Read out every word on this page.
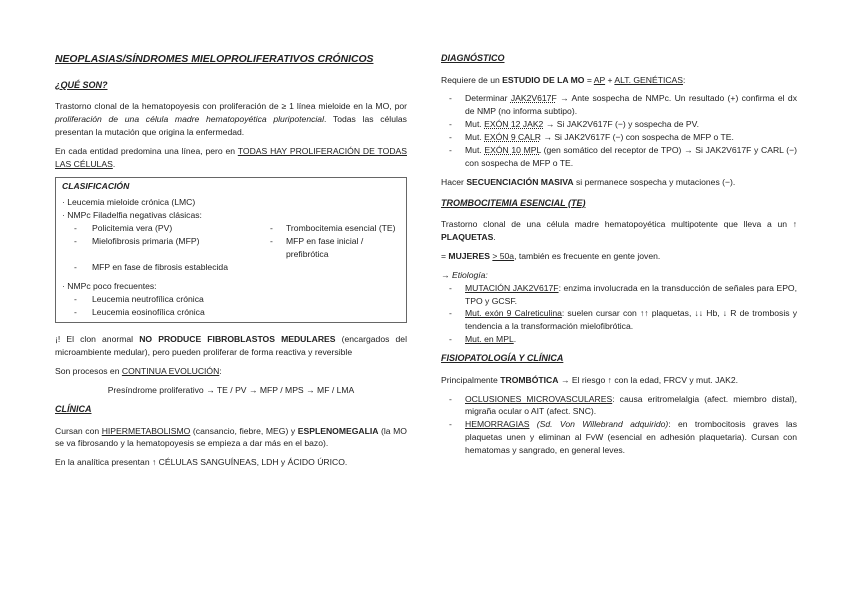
NEOPLASIAS/SÍNDROMES MIELOPROLIFERATIVOS CRÓNICOS

¿QUÉ SON?

Trastorno clonal de la hematopoyesis con proliferación de ≥ 1 línea mieloide en la MO, por proliferación de una célula madre hematopoyética pluripotencial. Todas las células presentan la mutación que origina la enfermedad.

En cada entidad predomina una línea, pero en TODAS HAY PROLIFERACIÓN DE TODAS LAS CÉLULAS.

CLASIFICACIÓN

· Leucemia mieloide crónica (LMC)

· NMPc Filadelfia negativas clásicas:

- Policitemia vera (PV)	- Trombocitemia esencial (TE)
- Mielofibrosis primaria (MFP)	- MFP en fase inicial / prefibrótica

- MFP en fase de fibrosis establecida

· NMPc poco frecuentes:

- Leucemia neutrofílica crónica

- Leucemia eosinofílica crónica

¡! El clon anormal NO PRODUCE FIBROBLASTOS MEDULARES (encargados del microambiente medular), pero pueden proliferar de forma reactiva y reversible

Son procesos en CONTINUA EVOLUCIÓN:

Presíndrome proliferativo → TE / PV → MFP / MPS → MF / LMA

CLÍNICA

Cursan con HIPERMETABOLISMO (cansancio, fiebre, MEG) y ESPLENOMEGALIA (la MO se va fibrosando y la hematopoyesis se empieza a dar más en el bazo).

En la analítica presentan ↑ CÉLULAS SANGUÍNEAS, LDH y ÁCIDO ÚRICO.

DIAGNÓSTICO

Requiere de un ESTUDIO DE LA MO = AP + ALT. GENÉTICAS:

- Determinar JAK2V617F → Ante sospecha de NMPc. Un resultado (+) confirma el dx de NMP (no informa subtipo).

- Mut. EXÓN 12 JAK2 → Si JAK2V617F (−) y sospecha de PV.

- Mut. EXÓN 9 CALR → Si JAK2V617F (−) con sospecha de MFP o TE.

- Mut. EXÓN 10 MPL (gen somático del receptor de TPO) → Si JAK2V617F y CARL (−) con sospecha de MFP o TE.

Hacer SECUENCIACIÓN MASIVA si permanece sospecha y mutaciones (−).

TROMBOCITEMIA ESENCIAL (TE)

Trastorno clonal de una célula madre hematopoyética multipotente que lleva a un ↑ PLAQUETAS.

= MUJERES > 50a, también es frecuente en gente joven.

→ Etiología:

- MUTACIÓN JAK2V617F: enzima involucrada en la transducción de señales para EPO, TPO y GCSF.

- Mut. exón 9 Calreticulina: suelen cursar con ↑↑ plaquetas, ↓↓ Hb, ↓ R de trombosis y tendencia a la transformación mielofibrótica.

- Mut. en MPL.

FISIOPATOLOGÍA Y CLÍNICA

Principalmente TROMBÓTICA → El riesgo ↑ con la edad, FRCV y mut. JAK2.

- OCLUSIONES MICROVASCULARES: causa eritromelalgia (afect. miembro distal), migraña ocular o AIT (afect. SNC).

- HEMORRAGIAS (Sd. Von Willebrand adquirido): en trombocitosis graves las plaquetas unen y eliminan al FvW (esencial en adhesión plaquetaria). Cursan con hematomas y sangrado, en general leves.
